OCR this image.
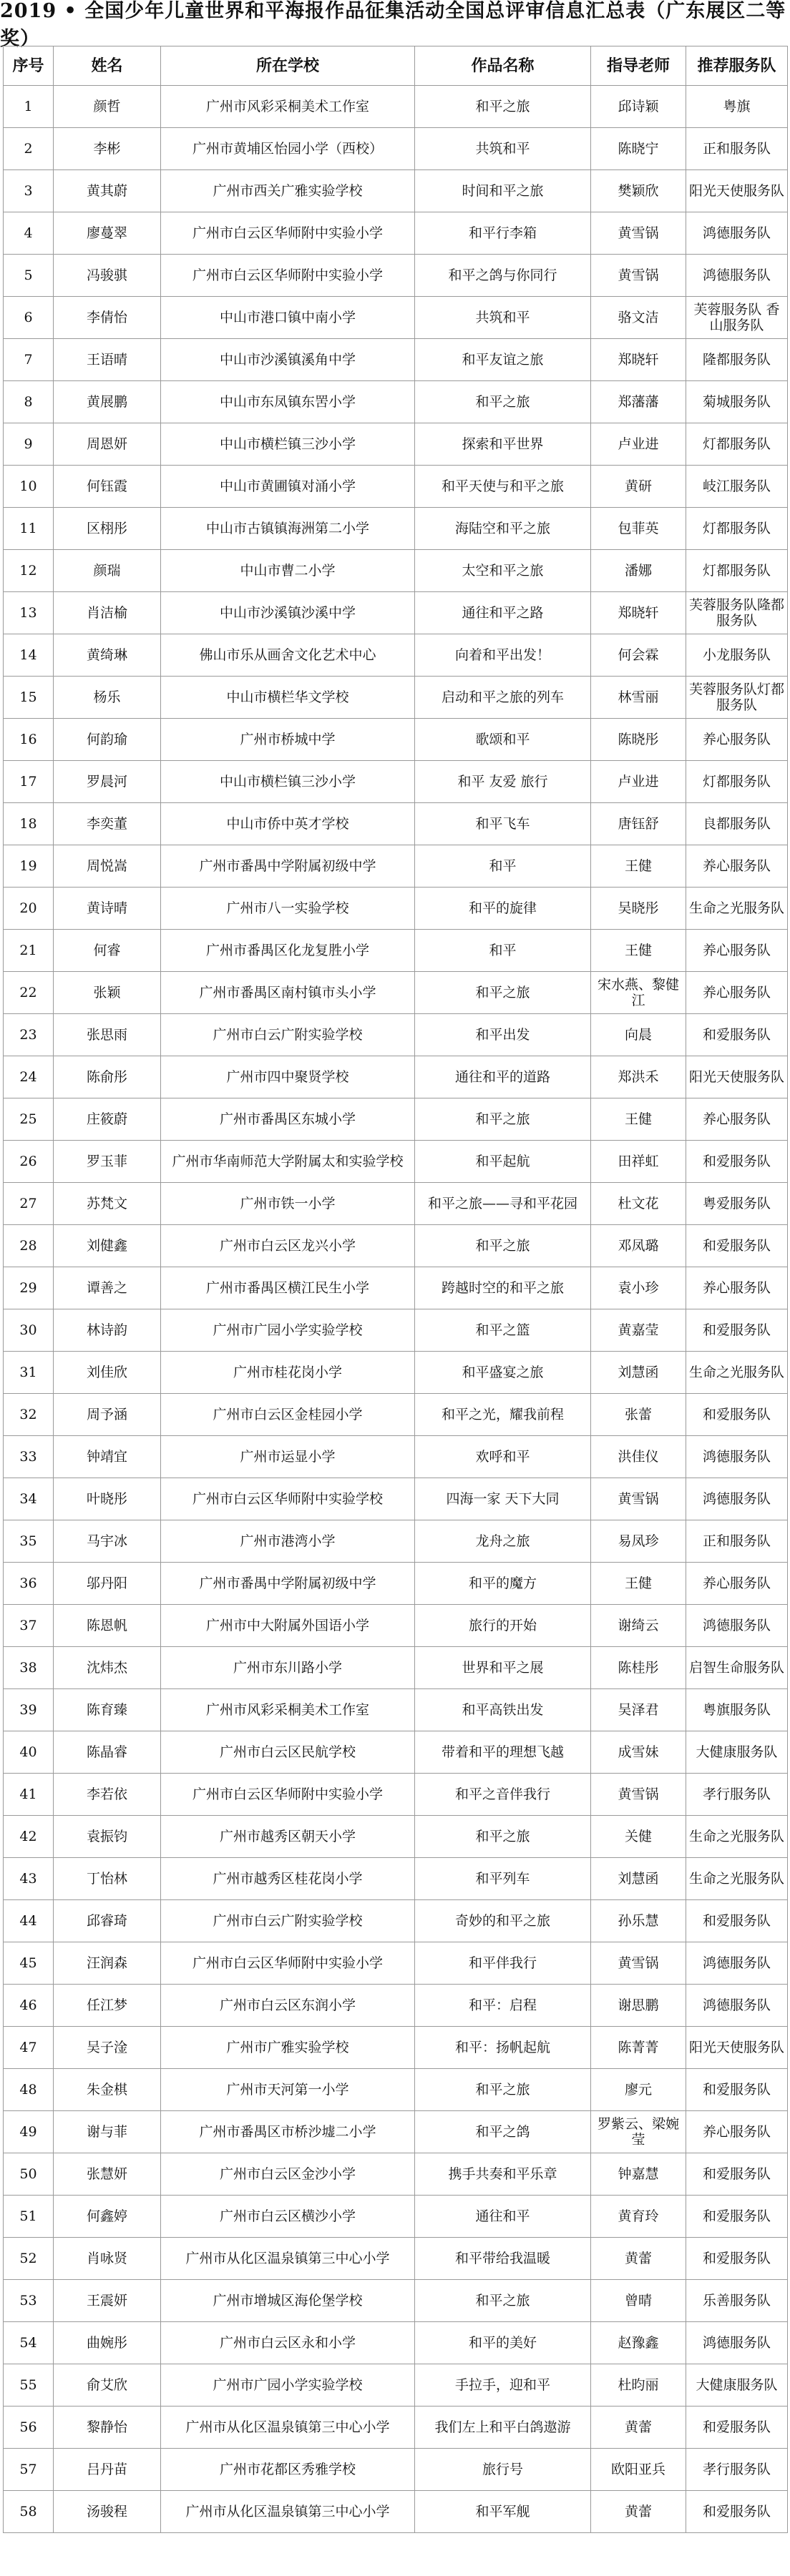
2019 • 全国少年儿童世界和平海报作品征集活动全国总评审信息汇总表（广东展区二等奖）
序号	姓名	所在学校	作品名称	指导老师	推荐服务队
1	颜哲	广州市风彩采桐美术工作室	和平之旅	邱诗颖	粤旗
2	李彬	广州市黄埔区怡园小学（西校）	共筑和平	陈晓宁	正和服务队
3	黄其蔚	广州市西关广雅实验学校	时间和平之旅	樊颖欣	阳光天使服务队
4	廖蔓翠	广州市白云区华师附中实验小学	和平行李箱	黄雪锅	鸿德服务队
5	冯骏骐	广州市白云区华师附中实验小学	和平之鸽与你同行	黄雪锅	鸿德服务队
6	李倩怡	中山市港口镇中南小学	共筑和平	骆文洁	芙蓉服务队 香山服务队
7	王语晴	中山市沙溪镇溪角中学	和平友谊之旅	郑晓轩	隆都服务队
8	黄展鹏	中山市东凤镇东罟小学	和平之旅	郑藩藩	菊城服务队
9	周恩妍	中山市横栏镇三沙小学	探索和平世界	卢业进	灯都服务队
10	何钰霞	中山市黄圃镇对涌小学	和平天使与和平之旅	黄研	岐江服务队
11	区栩彤	中山市古镇镇海洲第二小学	海陆空和平之旅	包菲英	灯都服务队
12	颜瑞	中山市曹二小学	太空和平之旅	潘娜	灯都服务队
13	肖洁榆	中山市沙溪镇沙溪中学	通往和平之路	郑晓轩	芙蓉服务队隆都服务队
14	黄绮琳	佛山市乐从画舍文化艺术中心	向着和平出发！	何会霖	小龙服务队
15	杨乐	中山市横栏华文学校	启动和平之旅的列车	林雪丽	芙蓉服务队灯都服务队
16	何韵瑜	广州市桥城中学	歌颂和平	陈晓彤	养心服务队
17	罗晨河	中山市横栏镇三沙小学	和平 友爱 旅行	卢业进	灯都服务队
18	李奕董	中山市侨中英才学校	和平飞车	唐钰舒	良都服务队
19	周悦嵩	广州市番禺中学附属初级中学	和平	王健	养心服务队
20	黄诗晴	广州市八一实验学校	和平的旋律	吴晓彤	生命之光服务队
21	何睿	广州市番禺区化龙复胜小学	和平	王健	养心服务队
22	张颖	广州市番禺区南村镇市头小学	和平之旅	宋水燕、黎健江	养心服务队
23	张思雨	广州市白云广附实验学校	和平出发	向晨	和爱服务队
24	陈俞彤	广州市四中聚贤学校	通往和平的道路	郑洪禾	阳光天使服务队
25	庄筱蔚	广州市番禺区东城小学	和平之旅	王健	养心服务队
26	罗玉菲	广州市华南师范大学附属太和实验学校	和平起航	田祥虹	和爱服务队
27	苏梵文	广州市铁一小学	和平之旅——寻和平花园	杜文花	粤爱服务队
28	刘健鑫	广州市白云区龙兴小学	和平之旅	邓凤璐	和爱服务队
29	谭善之	广州市番禺区横江民生小学	跨越时空的和平之旅	袁小珍	养心服务队
30	林诗韵	广州市广园小学实验学校	和平之篮	黄嘉莹	和爱服务队
31	刘佳欣	广州市桂花岗小学	和平盛宴之旅	刘慧函	生命之光服务队
32	周予涵	广州市白云区金桂园小学	和平之光，耀我前程	张蕾	和爱服务队
33	钟靖宜	广州市运显小学	欢呼和平	洪佳仪	鸿德服务队
34	叶晓彤	广州市白云区华师附中实验学校	四海一家 天下大同	黄雪锅	鸿德服务队
35	马宇冰	广州市港湾小学	龙舟之旅	易凤珍	正和服务队
36	邬丹阳	广州市番禺中学附属初级中学	和平的魔方	王健	养心服务队
37	陈恩帆	广州市中大附属外国语小学	旅行的开始	谢绮云	鸿德服务队
38	沈炜杰	广州市东川路小学	世界和平之展	陈桂彤	启智生命服务队
39	陈育臻	广州市风彩采桐美术工作室	和平高铁出发	吴泽君	粤旗服务队
40	陈晶睿	广州市白云区民航学校	带着和平的理想飞越	成雪妹	大健康服务队
41	李若依	广州市白云区华师附中实验小学	和平之音伴我行	黄雪锅	孝行服务队
42	袁振钧	广州市越秀区朝天小学	和平之旅	关健	生命之光服务队
43	丁怡林	广州市越秀区桂花岗小学	和平列车	刘慧函	生命之光服务队
44	邱睿琦	广州市白云广附实验学校	奇妙的和平之旅	孙乐慧	和爱服务队
45	汪润森	广州市白云区华师附中实验小学	和平伴我行	黄雪锅	鸿德服务队
46	任江梦	广州市白云区东润小学	和平：启程	谢思鹏	鸿德服务队
47	吴子淦	广州市广雅实验学校	和平：扬帆起航	陈菁菁	阳光天使服务队
48	朱金棋	广州市天河第一小学	和平之旅	廖元	和爱服务队
49	谢与菲	广州市番禺区市桥沙墟二小学	和平之鸽	罗紫云、梁婉莹	养心服务队
50	张慧妍	广州市白云区金沙小学	携手共奏和平乐章	钟嘉慧	和爱服务队
51	何鑫婷	广州市白云区横沙小学	通往和平	黄育玲	和爱服务队
52	肖咏贤	广州市从化区温泉镇第三中心小学	和平带给我温暖	黄蕾	和爱服务队
53	王震妍	广州市增城区海伦堡学校	和平之旅	曾晴	乐善服务队
54	曲婉彤	广州市白云区永和小学	和平的美好	赵豫鑫	鸿德服务队
55	俞艾欣	广州市广园小学实验学校	手拉手，迎和平	杜昀丽	大健康服务队
56	黎静怡	广州市从化区温泉镇第三中心小学	我们左上和平白鸽遨游	黄蕾	和爱服务队
57	吕丹苗	广州市花都区秀雅学校	旅行号	欧阳亚兵	孝行服务队
58	汤骏程	广州市从化区温泉镇第三中心小学	和平军舰	黄蕾	和爱服务队
